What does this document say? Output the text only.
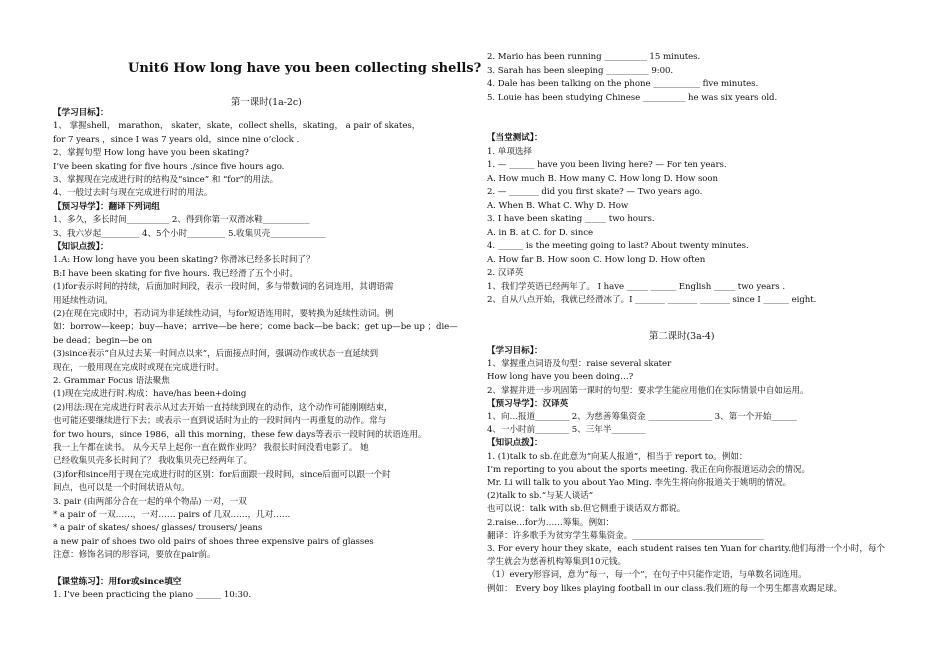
Unit6 How long have you been collecting shells?
第一课时(1a-2c)
【学习目标】：
1、 掌握shell， marathon， skater，skate，collect shells，skating， a pair of skates，
for 7 years ，since I was 7 years old，since nine o’clock .
2、掌握句型 How long have you been skating?
I’ve been skating for five hours ./since five hours ago.
3、掌握现在完成进行时的结构及“since” 和 “for”的用法。
4、一般过去时与现在完成进行时的用法。
【预习导学】：翻译下列词组
1、多久，多长时间__________ 2、得到你第一双滑冰鞋___________
3、我六岁起_________ 4、5个小时_________ 5.收集贝壳_____________
【知识点拨】：
1.A: How long have you been skating? 你滑冰已经多长时间了？
B:I have been skating for five hours. 我已经滑了五个小时。
(1)for表示时间的持续，后面加时间段，表示一段时间，多与带数词的名词连用，其谓语需
用延续性动词。
(2)在现在完成时中，若动词为非延续性动词，与for短语连用时，要转换为延续性动词。例
如：borrow—keep；buy—have；arrive—be here；come back—be back；get up—be up ；die—
be dead；begin—be on
(3)since表示“自从过去某一时间点以来”，后面接点时间，强调动作或状态一直延续到
现在，一般用现在完成时或现在完成进行时。
2. Grammar Focus 语法聚焦
(1)现在完成进行时.构成：have/has been+doing
(2)用法:现在完成进行时表示从过去开始一直持续到现在的动作，这个动作可能刚刚结束，
也可能还要继续进行下去；或表示一直到说话时为止的一段时间内一再重复的动作。常与
for two hours，since 1986，all this morning，these few days等表示一段时间的状语连用。
我一上午都在读书。 从今天早上起你一直在做作业吗？ 我很长时间没看电影了。 她
已经收集贝壳多长时间了？ 我收集贝壳已经两年了。
(3)for和since用于现在完成进行时的区别：for后面跟一段时间，since后面可以跟一个时
间点，也可以是一个时间状语从句。
3. pair (由两部分合在一起的单个物品) 一对，一双
* a pair of 一双……，一对…… pairs of 几双……，几对……
* a pair of skates/ shoes/ glasses/ trousers/ jeans
a new pair of shoes two old pairs of shoes three expensive pairs of glasses
注意：修饰名词的形容词，要放在pair前。
【课堂练习】：用for或since填空
1. I’ve been practicing the piano ______ 10:30.
2. Mario has been running __________ 15 minutes.
3. Sarah has been sleeping __________ 9:00.
4. Dale has been talking on the phone ___________ five minutes.
5. Louie has been studying Chinese __________ he was six years old.
【当堂测试】：
1. 单项选择
1. — ______ have you been living here? — For ten years.
A. How much B. How many C. How long D. How soon
2. — _______ did you first skate? — Two years ago.
A. When B. What C. Why D. How
3. I have been skating _____ two hours.
A. in B. at C. for D. since
4. ______ is the meeting going to last? About twenty minutes.
A. How far B. How soon C. How long D. How often
2. 汉译英
1、我们学英语已经两年了。 I have _____ ______ English _____ two years .
2、自从八点开始，我就已经滑冰了。I _______ _______ _______ since I ______ eight.
第二课时(3a-4)
【学习目标】：
1、掌握重点词语及句型：raise several skater
How long have you been doing…?
2、掌握并进一步巩固第一课时的句型：要求学生能应用他们在实际情景中自如运用。
【预习导学】：汉译英
1、向…报道________ 2、为慈善筹集资金 _______________ 3、第一个开始______
4、一小时前________ 5、三年半________
【知识点拨】：
1. (1)talk to sb.在此意为“向某人报道”，相当于 report to。例如：
I’m reporting to you about the sports meeting. 我正在向你报道运动会的情况。
Mr. Li will talk to you about Yao Ming. 李先生将向你报道关于姚明的情况。
(2)talk to sb.“与某人谈话”
也可以说：talk with sb.但它侧重于谈话双方都说。
2.raise…for为……筹集。例如：
翻译：许多歌手为贫穷学生募集资金。_______________________________
3. For every hour they skate，each student raises ten Yuan for charity.他们每滑一个小时，每个
学生就会为慈善机构筹集到10元钱。
（1）every形容词，意为“每一，每一个”，在句子中只能作定语，与单数名词连用。
例如： Every boy likes playing football in our class.我们班的每一个男生都喜欢踢足球。
